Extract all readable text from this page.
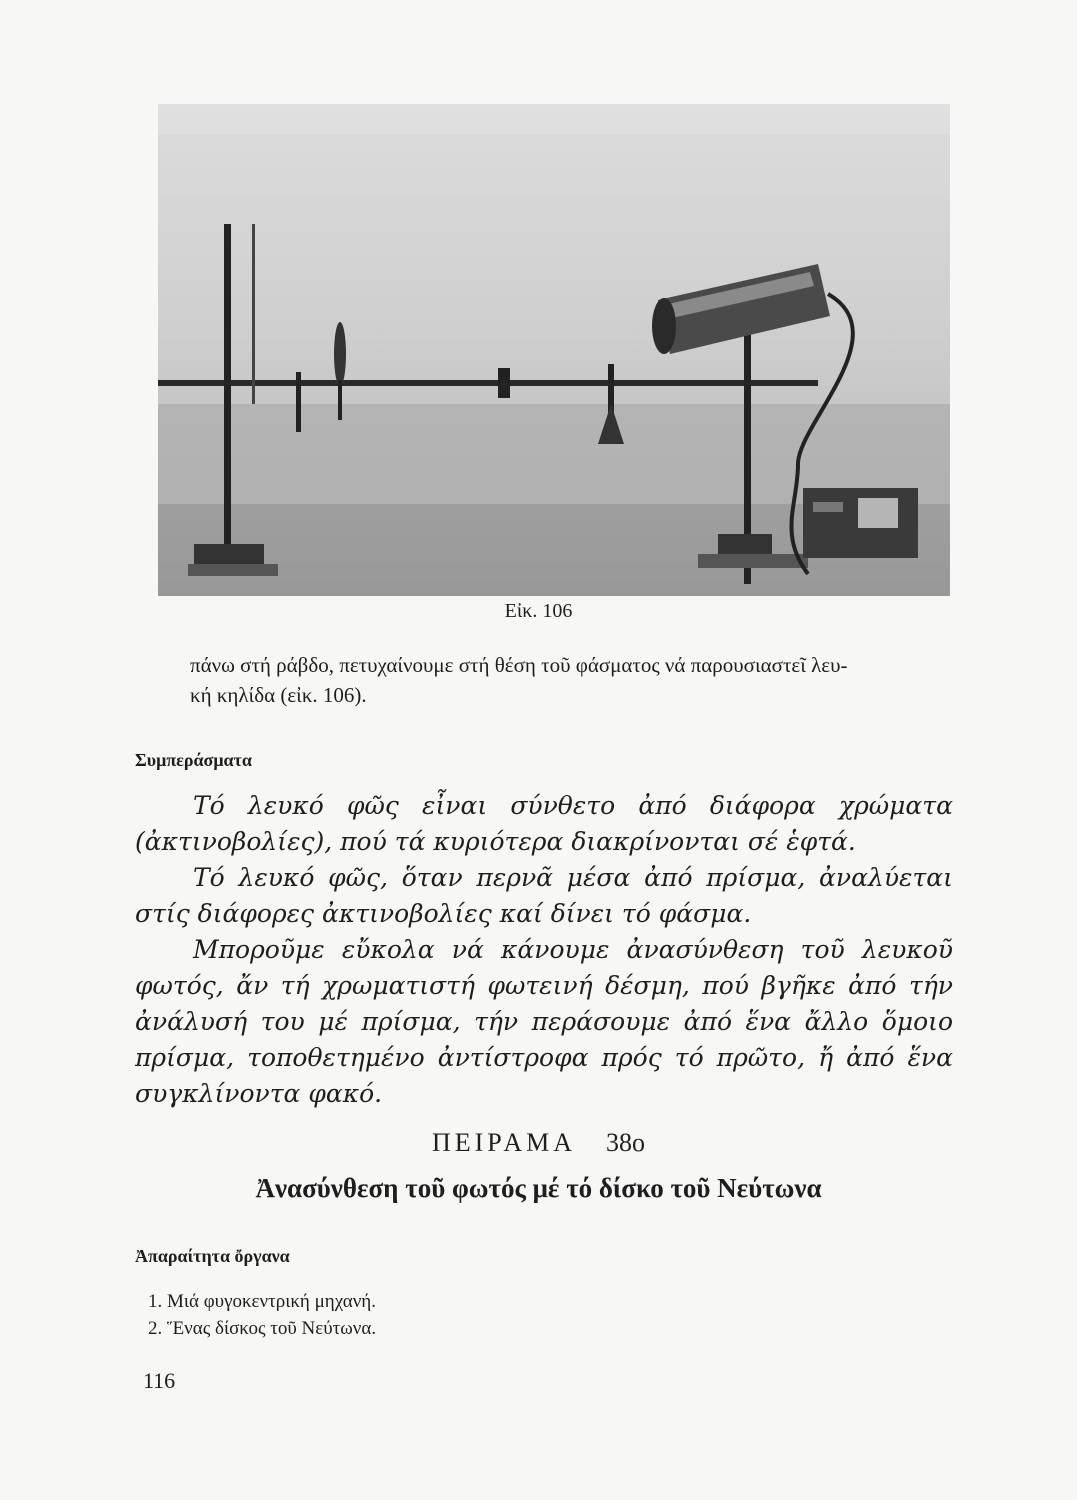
Εἰκ. 106
πάνω στή ράβδο, πετυχαίνουμε στή θέση τοῦ φάσματος νά παρουσιαστεῖ λευ-
κή κηλίδα (εἰκ. 106).
Συμπεράσματα

Τό λευκό φῶς εἶναι σύνθετο ἀπό διάφορα χρώματα (ἀκτινοβολίες), πού τά κυριότερα διακρίνονται σέ ἑφτά.

Τό λευκό φῶς, ὅταν περνᾶ μέσα ἀπό πρίσμα, ἀναλύεται στίς διάφορες ἀκτινοβολίες καί δίνει τό φάσμα.

Μπορoῦμε εὔκολα νά κάνουμε ἀνασύνθεση τοῦ λευκοῦ φωτός, ἄν τή χρωματιστή φωτεινή δέσμη, πού βγῆκε ἀπό τήν ἀνάλυσή του μέ πρίσμα, τήν περάσουμε ἀπό ἕνα ἄλλο ὅμοιο πρίσμα, τοποθετημένο ἀντίστροφα πρός τό πρῶτο, ἤ ἀπό ἕνα συγκλίνοντα φακό.

ΠΕΙΡΑΜΑ 38ο
Ἀνασύνθεση τοῦ φωτός μέ τό δίσκο τοῦ Νεύτωνα
Ἀπαραίτητα ὄργανα
1. Μιά φυγοκεντρική μηχανή.
2. Ἕνας δίσκος τοῦ Νεύτωνα.
116
